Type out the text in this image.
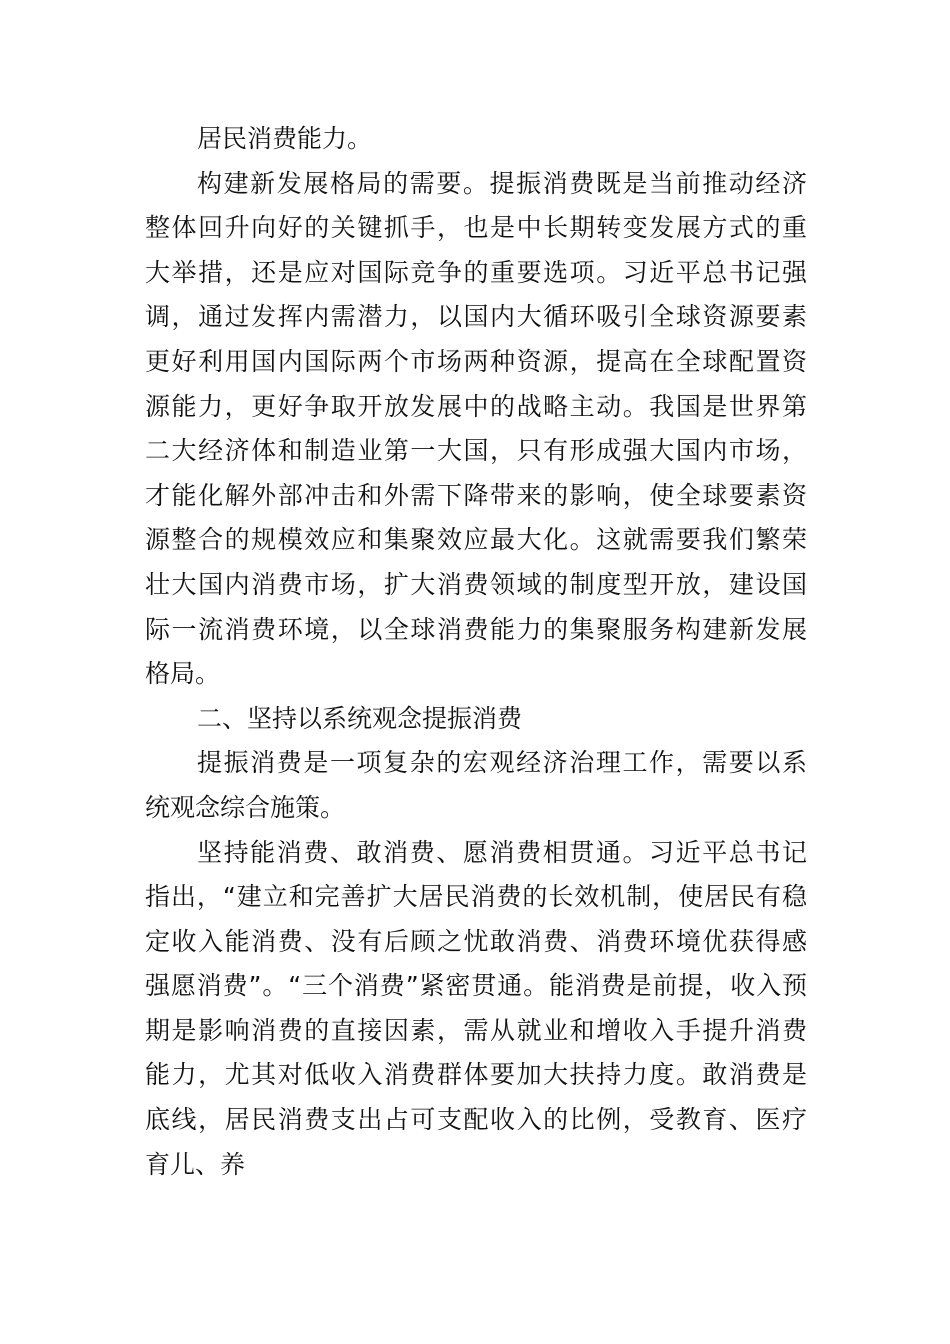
居民消费能力。
构建新发展格局的需要。提振消费既是当前推动经济
整体回升向好的关键抓手，也是中长期转变发展方式的重
大举措，还是应对国际竞争的重要选项。习近平总书记强
调，通过发挥内需潜力，以国内大循环吸引全球资源要素
更好利用国内国际两个市场两种资源，提高在全球配置资
源能力，更好争取开放发展中的战略主动。我国是世界第
二大经济体和制造业第一大国，只有形成强大国内市场，
才能化解外部冲击和外需下降带来的影响，使全球要素资
源整合的规模效应和集聚效应最大化。这就需要我们繁荣
壮大国内消费市场，扩大消费领域的制度型开放，建设国
际一流消费环境，以全球消费能力的集聚服务构建新发展
格局。
二、坚持以系统观念提振消费
提振消费是一项复杂的宏观经济治理工作，需要以系
统观念综合施策。
坚持能消费、敢消费、愿消费相贯通。习近平总书记
指出，“建立和完善扩大居民消费的长效机制，使居民有稳
定收入能消费、没有后顾之忧敢消费、消费环境优获得感
强愿消费”。“三个消费”紧密贯通。能消费是前提，收入预
期是影响消费的直接因素，需从就业和增收入手提升消费
能力，尤其对低收入消费群体要加大扶持力度。敢消费是
底线，居民消费支出占可支配收入的比例，受教育、医疗
育儿、养
